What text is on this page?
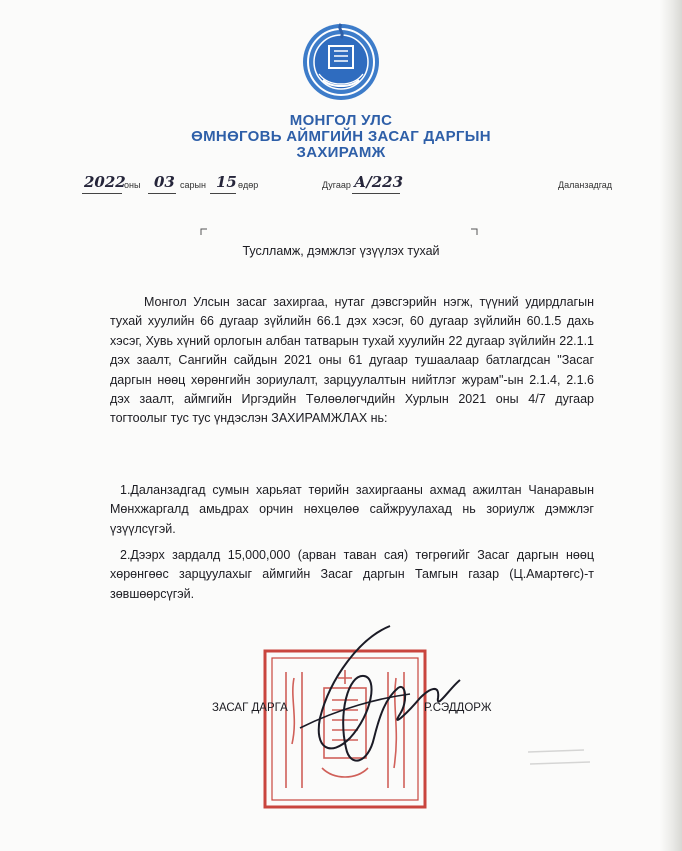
МОНГОЛ УЛС
ӨМНӨГОВЬ АЙМГИЙН ЗАСАГ ДАРГЫН
ЗАХИРАМЖ
2022
оны 03 сарын 15 өдөр	Дугаар А/223	Даланзадгад
Туслламж, дэмжлэг үзүүлэх тухай
Монгол Улсын засаг захиргаа, нутаг дэвсгэрийн нэгж, түүний удирдлагын тухай хуулийн 66 дугаар зүйлийн 66.1 дэх хэсэг, 60 дугаар зүйлийн 60.1.5 дахь хэсэг, Хувь хүний орлогын албан татварын тухай хуулийн 22 дугаар зүйлийн 22.1.1 дэх заалт, Сангийн сайдын 2021 оны 61 дугаар тушаалаар батлагдсан "Засаг даргын нөөц хөрөнгийн зориулалт, зарцуулалтын нийтлэг журам"-ын 2.1.4, 2.1.6 дэх заалт, аймгийн Иргэдийн Төлөөлөгчдийн Хурлын 2021 оны 4/7 дугаар тогтоолыг тус тус үндэслэн ЗАХИРАМЖЛАХ нь:
1.Даланзадгад сумын харьяат төрийн захиргааны ахмад ажилтан Чанаравын Мөнхжаргалд амьдрах орчин нөхцөлөө сайжруулахад нь зориулж дэмжлэг үзүүлсүгэй.
2.Дээрх зардалд 15,000,000 (арван таван сая) төгрөгийг Засаг даргын нөөц хөрөнгөөс зарцуулахыг аймгийн Засаг даргын Тамгын газар (Ц.Амартөгс)-т зөвшөөрсүгэй.
ЗАСАГ ДАРГА	Р.СЭДДОРЖ
